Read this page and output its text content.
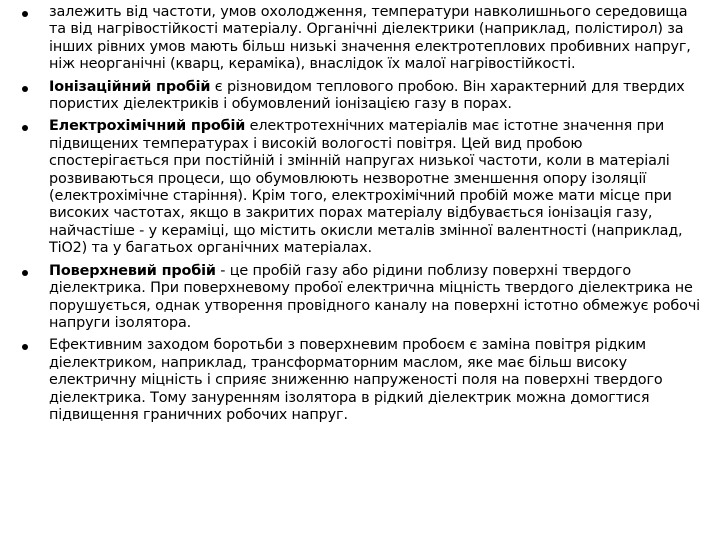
залежить від частоти, умов охолодження, температури навколишнього середовища та від нагрівостійкості матеріалу. Органічні діелектрики (наприклад, полістирол) за інших рівних умов мають більш низькі значення електротеплових пробивних напруг, ніж неорганічні (кварц, кераміка), внаслідок їх малої нагрівостійкості.
Іонізаційний пробій є різновидом теплового пробою. Він характерний для твердих пористих діелектриків і обумовлений іонізацією газу в порах.
Електрохімічний пробій електротехнічних матеріалів має істотне значення при підвищених температурах і високій вологості повітря. Цей вид пробою спостерігається при постійній і змінній напругах низької частоти, коли в матеріалі розвиваються процеси, що обумовлюють незворотне зменшення опору ізоляції (електрохімічне старіння). Крім того, електрохімічний пробій може мати місце при високих частотах, якщо в закритих порах матеріалу відбувається іонізація газу, найчастіше - у кераміці, що містить окисли металів змінної валентності (наприклад, ТіО2) та у багатьох органічних матеріалах.
Поверхневий пробій - це пробій газу або рідини поблизу поверхні твердого діелектрика. При поверхневому пробої електрична міцність твердого діелектрика не порушується, однак утворення провідного каналу на поверхні істотно обмежує робочі напруги ізолятора.
Ефективним заходом боротьби з поверхневим пробоєм є заміна повітря рідким діелектриком, наприклад, трансформаторним маслом, яке має більш високу електричну міцність і сприяє зниженню напруженості поля на поверхні твердого діелектрика. Тому зануренням ізолятора в рідкий діелектрик можна домогтися підвищення граничних робочих напруг.
